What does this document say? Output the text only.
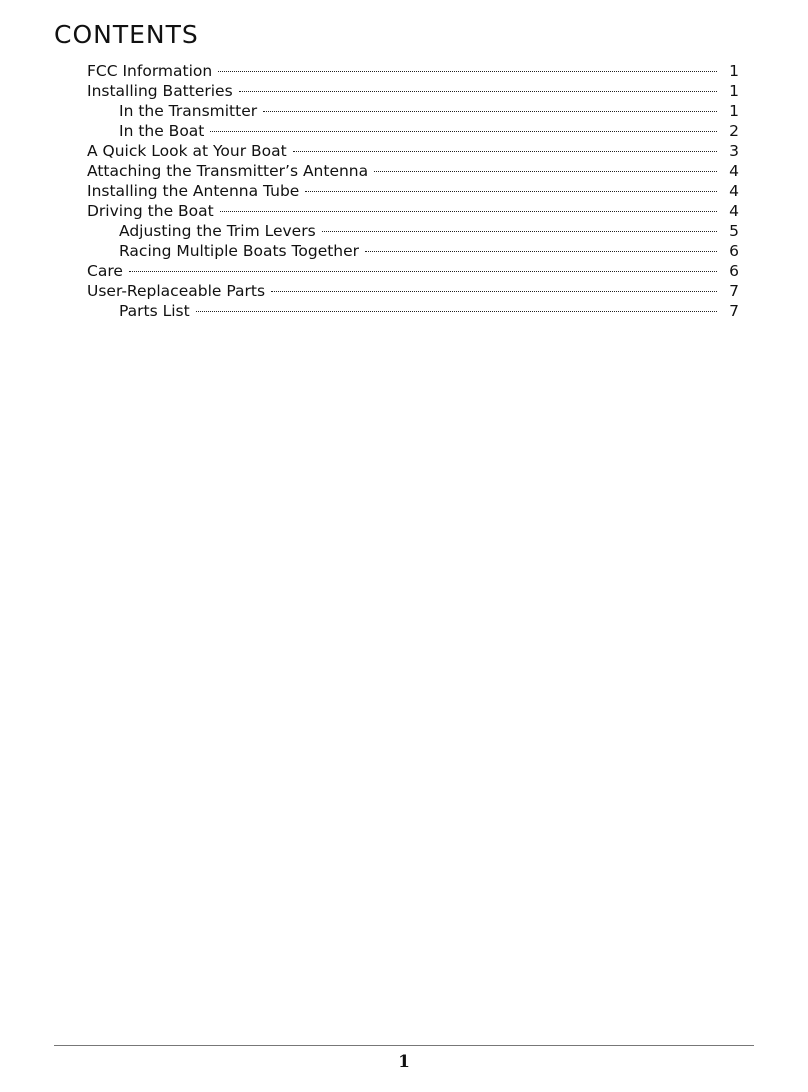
CONTENTS
FCC Information	1
Installing Batteries	1
In the Transmitter	1
In the Boat	2
A Quick Look at Your Boat	3
Attaching the Transmitter’s Antenna	4
Installing the Antenna Tube	4
Driving the Boat	4
Adjusting the Trim Levers	5
Racing Multiple Boats Together	6
Care	6
User-Replaceable Parts	7
Parts List	7
1
